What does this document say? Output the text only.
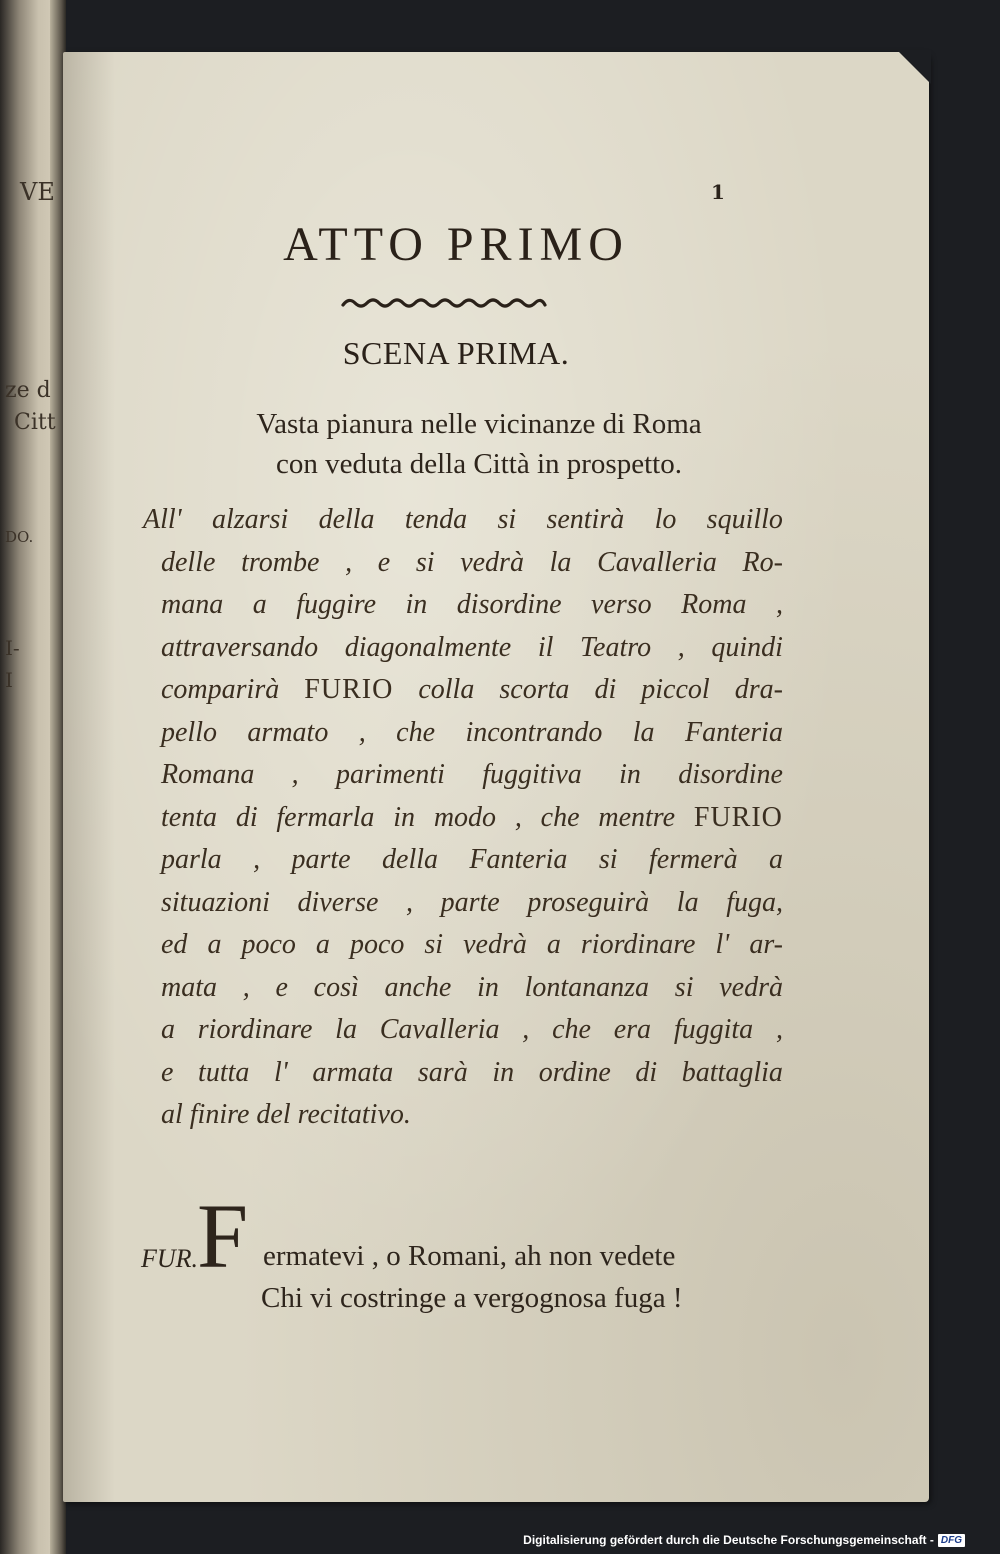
VE
ze d
Citt
DO.
I-
I
1
ATTO PRIMO
SCENA PRIMA.
Vasta pianura nelle vicinanze di Roma
con veduta della Città in prospetto.
All' alzarsi della tenda si sentirà lo squillo
delle trombe , e si vedrà la Cavalleria Ro-
mana a fuggire in disordine verso Roma ,
attraversando diagonalmente il Teatro , quindi
comparirà FURIO colla scorta di piccol dra-
pello armato , che incontrando la Fanteria
Romana , parimenti fuggitiva in disordine
tenta di fermarla in modo , che mentre FURIO
parla , parte della Fanteria si fermerà a
situazioni diverse , parte proseguirà la fuga,
ed a poco a poco si vedrà a riordinare l' ar-
mata , e così anche in lontananza si vedrà
a riordinare la Cavalleria , che era fuggita ,
e tutta l' armata sarà in ordine di battaglia
al finire del recitativo.
FUR.
F ermatevi , o Romani, ah non vedete
Chi vi costringe a vergognosa fuga !
Digitalisierung gefördert durch die Deutsche Forschungsgemeinschaft - DFG
